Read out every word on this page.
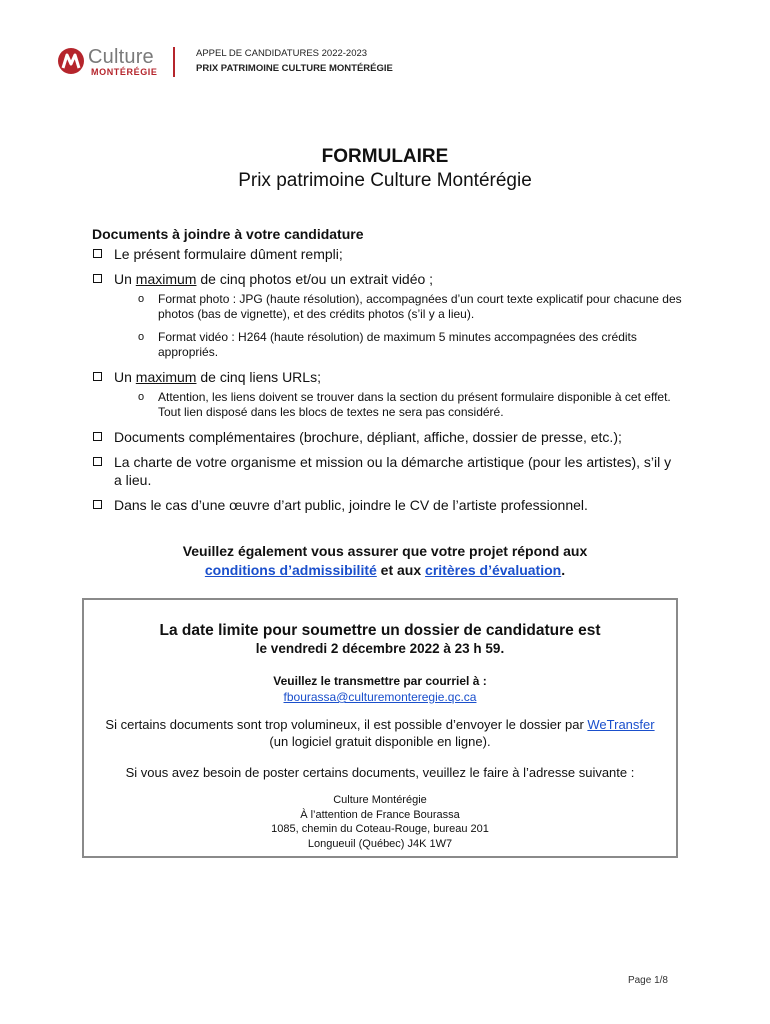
Culture
MONTÉRÉGIE
APPEL DE CANDIDATURES 2022-2023
PRIX PATRIMOINE CULTURE MONTÉRÉGIE
FORMULAIRE
Prix patrimoine Culture Montérégie
Documents à joindre à votre candidature
Le présent formulaire dûment rempli;
Un maximum de cinq photos et/ou un extrait vidéo ;
o Format photo : JPG (haute résolution), accompagnées d’un court texte explicatif pour chacune des photos (bas de vignette), et des crédits photos (s’il y a lieu).
o Format vidéo : H264 (haute résolution) de maximum 5 minutes accompagnées des crédits appropriés.
Un maximum de cinq liens URLs;
o Attention, les liens doivent se trouver dans la section du présent formulaire disponible à cet effet. Tout lien disposé dans les blocs de textes ne sera pas considéré.
Documents complémentaires (brochure, dépliant, affiche, dossier de presse, etc.);
La charte de votre organisme et mission ou la démarche artistique (pour les artistes), s’il y a lieu.
Dans le cas d’une œuvre d’art public, joindre le CV de l’artiste professionnel.
Veuillez également vous assurer que votre projet répond aux
conditions d’admissibilité et aux critères d’évaluation.
La date limite pour soumettre un dossier de candidature est
le vendredi 2 décembre 2022 à 23 h 59.
Veuillez le transmettre par courriel à :
fbourassa@culturemonteregie.qc.ca
Si certains documents sont trop volumineux, il est possible d’envoyer le dossier par WeTransfer
(un logiciel gratuit disponible en ligne).
Si vous avez besoin de poster certains documents, veuillez le faire à l’adresse suivante :
Culture Montérégie
À l’attention de France Bourassa
1085, chemin du Coteau-Rouge, bureau 201
Longueuil (Québec) J4K 1W7
Page 1/8
